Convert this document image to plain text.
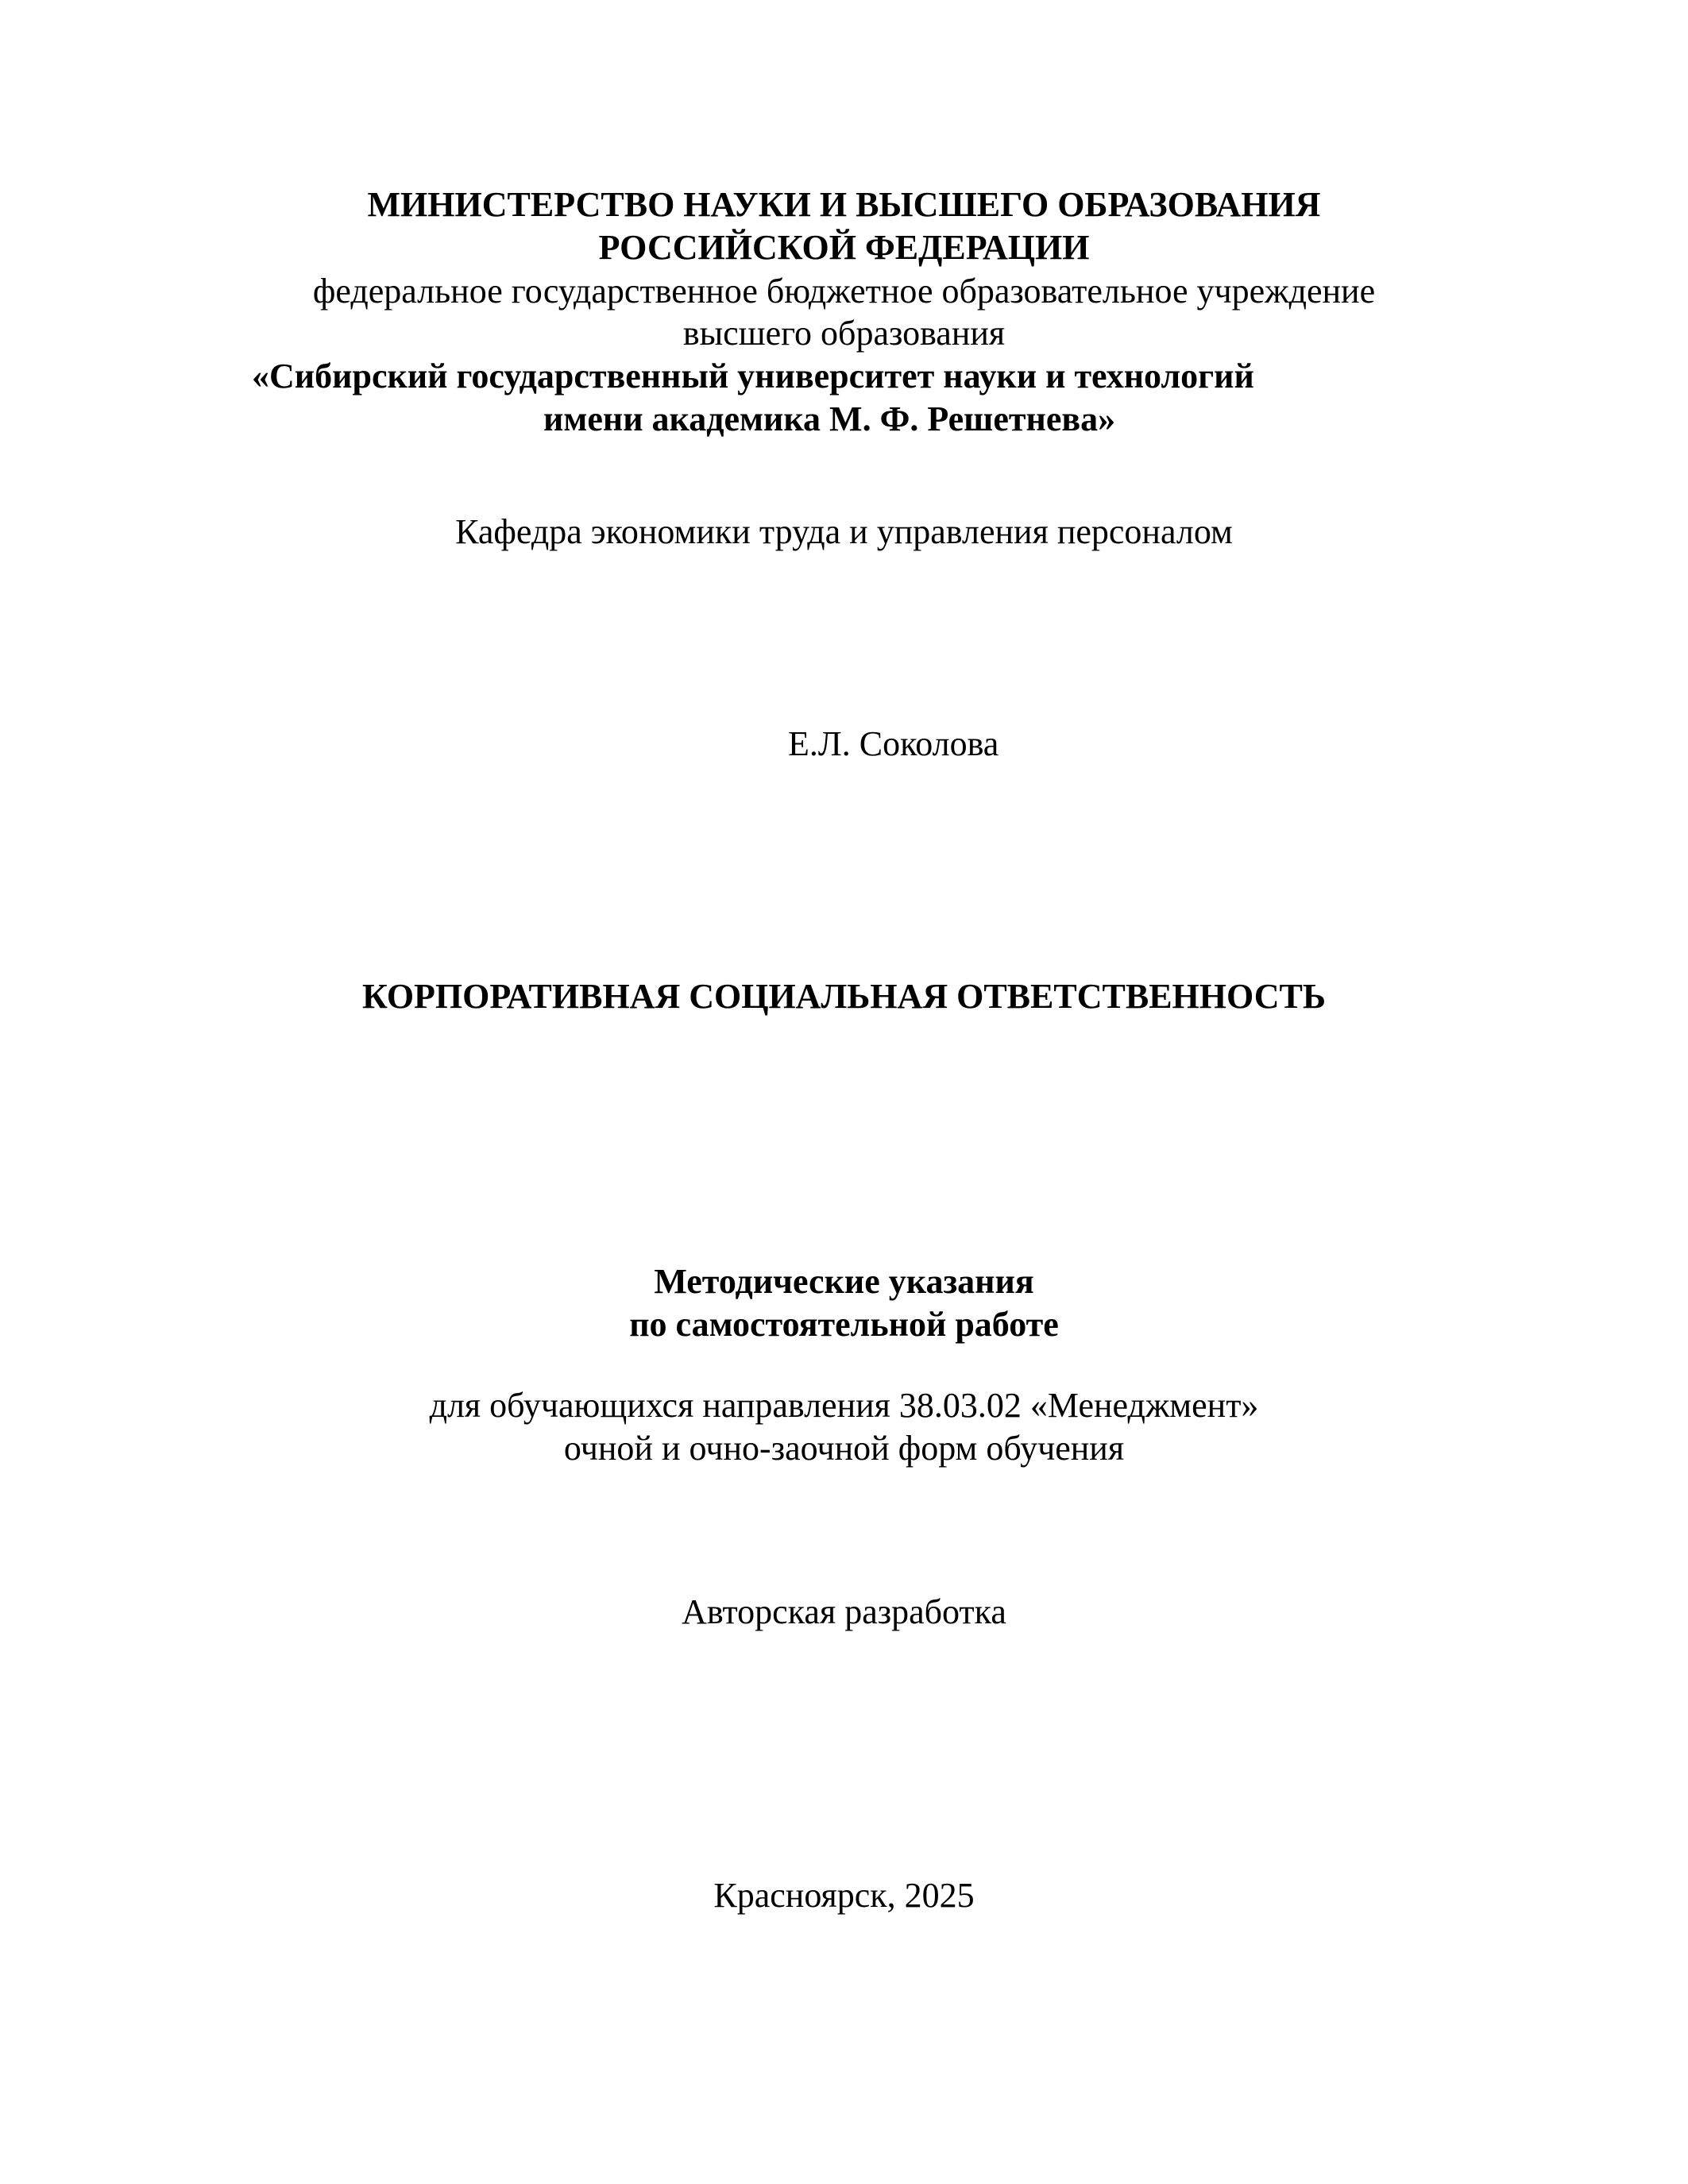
МИНИСТЕРСТВО НАУКИ И ВЫСШЕГО ОБРАЗОВАНИЯ
РОССИЙСКОЙ ФЕДЕРАЦИИ
федеральное государственное бюджетное образовательное учреждение
высшего образования
«Сибирский государственный университет науки и технологий
имени академика М. Ф. Решетнева»
Кафедра экономики труда и управления персоналом
Е.Л. Соколова
КОРПОРАТИВНАЯ СОЦИАЛЬНАЯ ОТВЕТСТВЕННОСТЬ
Методические указания
по самостоятельной работе
для обучающихся направления 38.03.02 «Менеджмент»
очной и очно-заочной форм обучения
Авторская разработка
Красноярск, 2025
